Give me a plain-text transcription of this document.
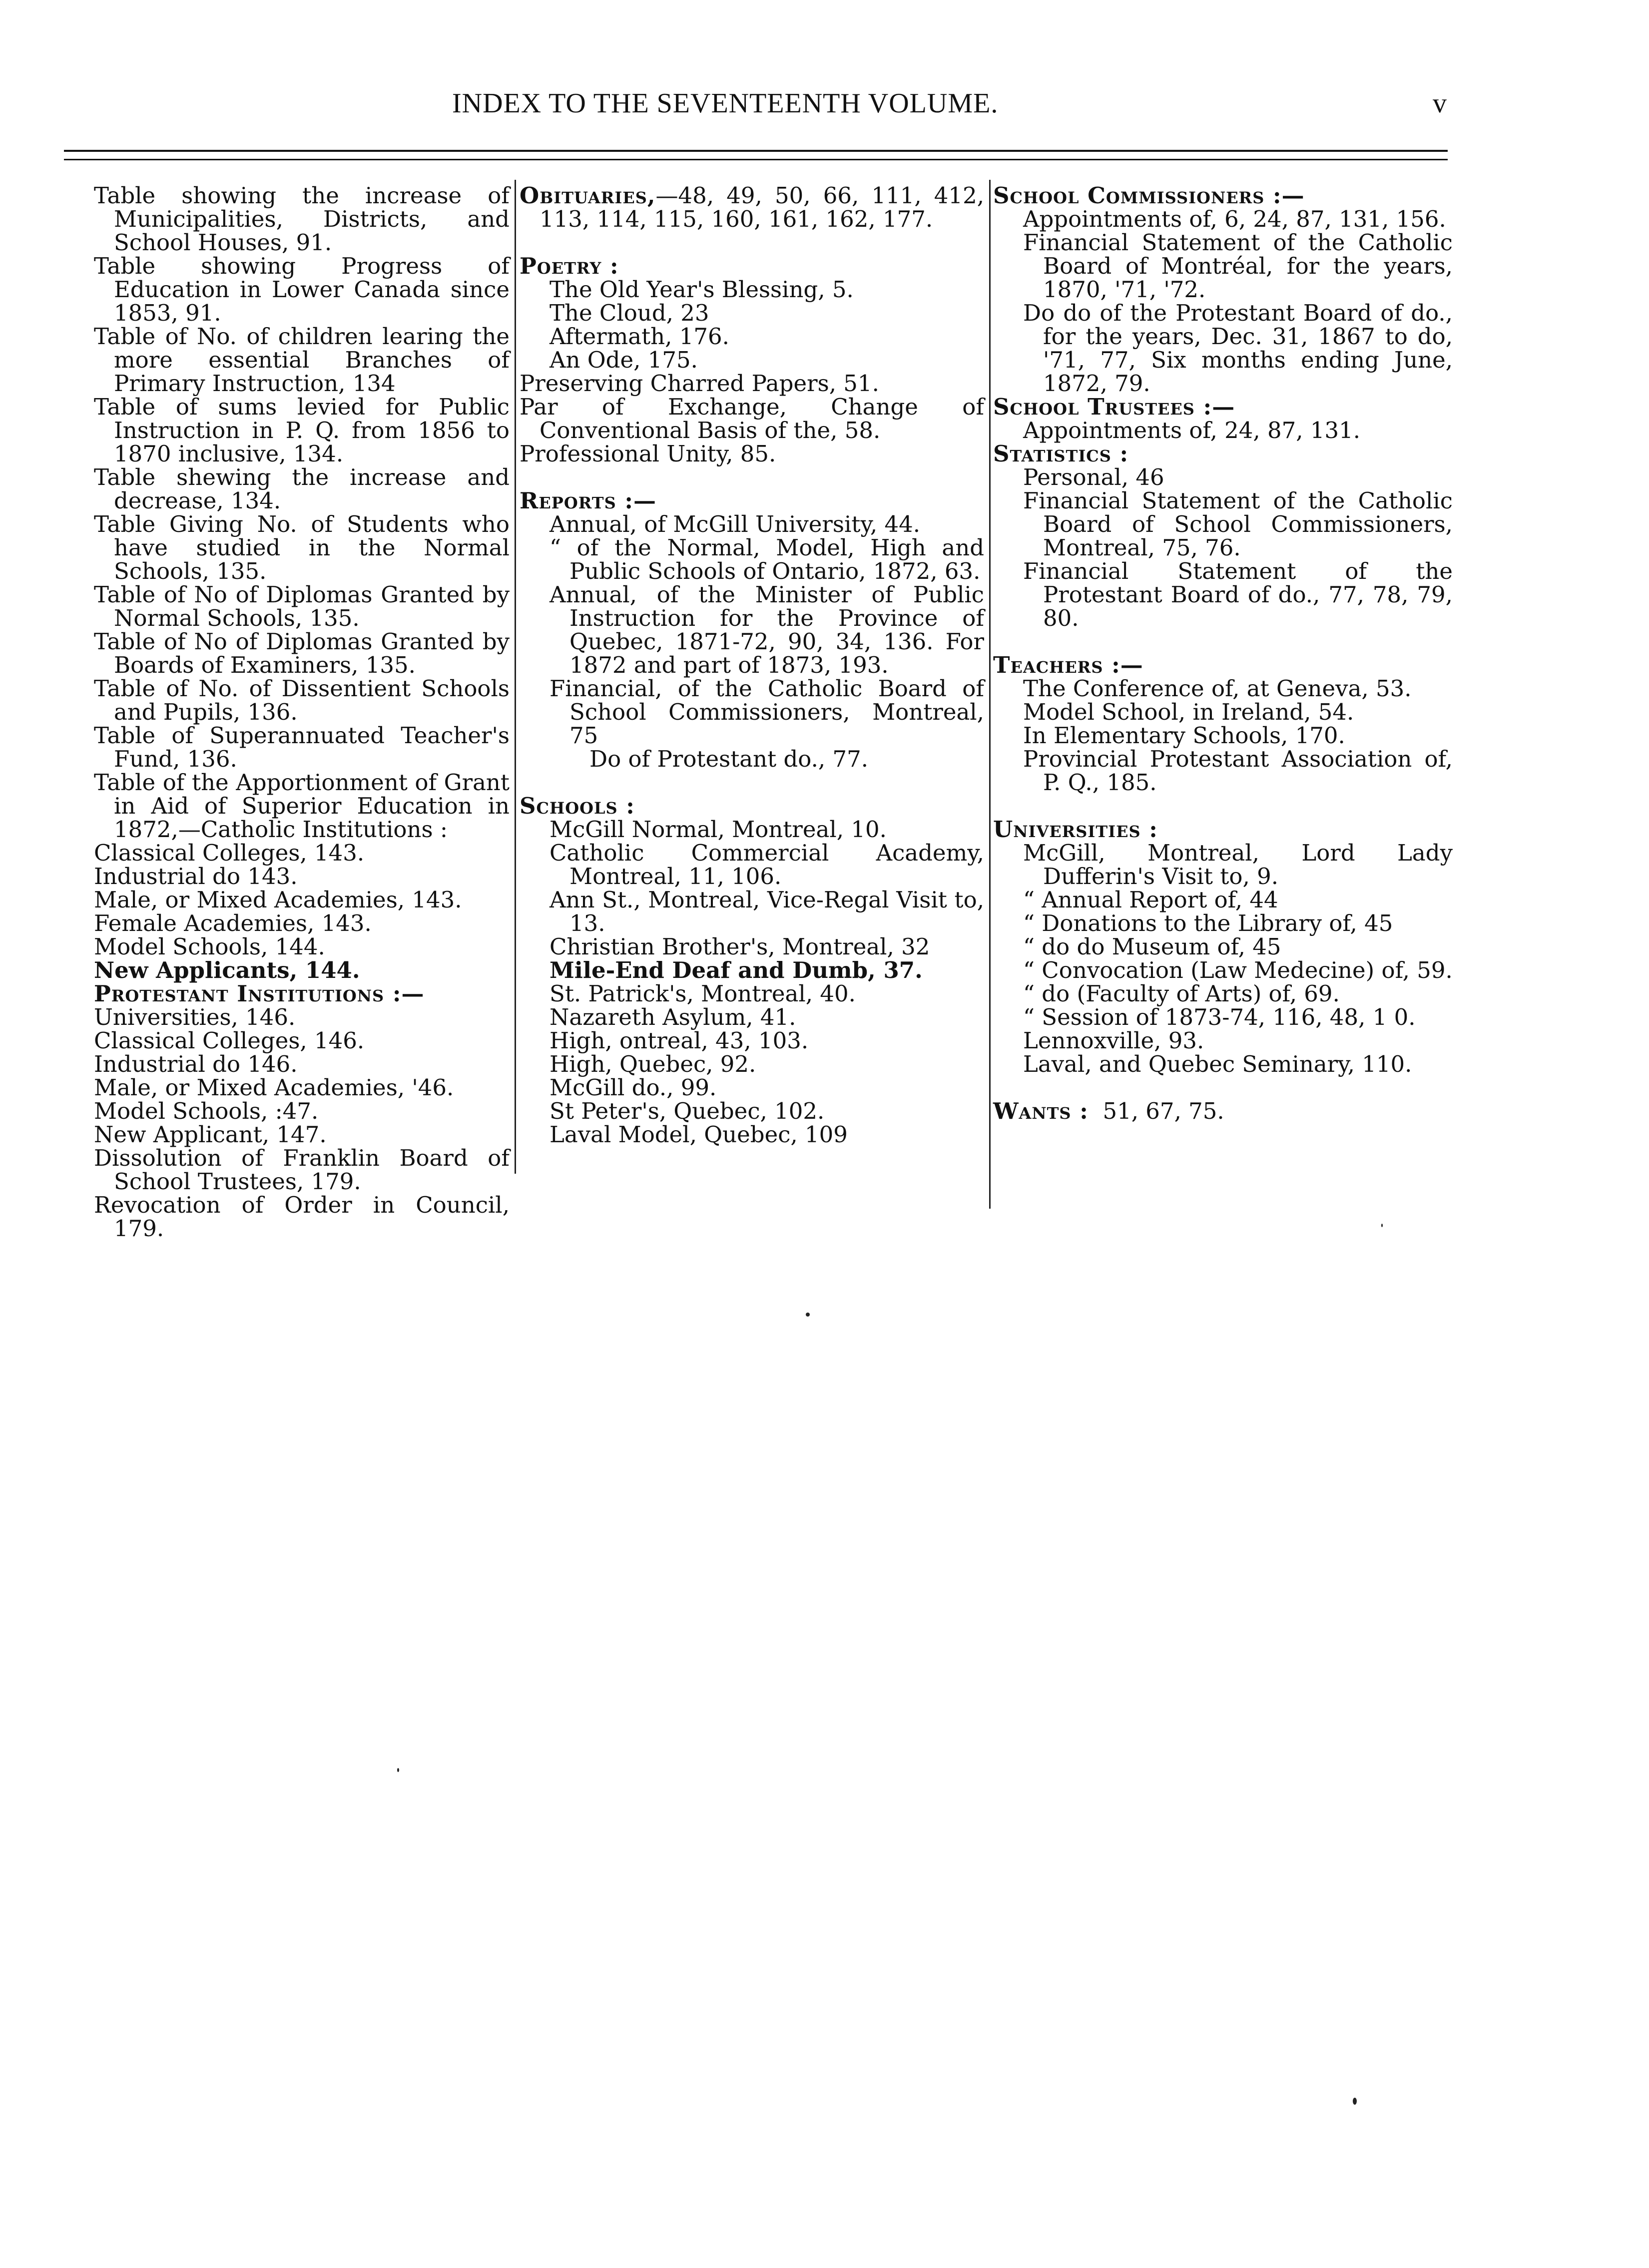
INDEX TO THE SEVENTEENTH VOLUME.	v

Table showing the increase of Municipalities, Districts, and School Houses, 91.

Table showing Progress of Education in Lower Canada since 1853, 91.

Table of No. of children learing the more essential Branches of Primary Instruction, 134

Table of sums levied for Public Instruction in P. Q. from 1856 to 1870 inclusive, 134.

Table shewing the increase and decrease, 134.

Table Giving No. of Students who have studied in the Normal Schools, 135.

Table of No of Diplomas Granted by Normal Schools, 135.

Table of No of Diplomas Granted by Boards of Examiners, 135.

Table of No. of Dissentient Schools and Pupils, 136.

Table of Superannuated Teacher's Fund, 136.

Table of the Apportionment of Grant in Aid of Superior Education in 1872,—Catholic Institutions :

Classical Colleges, 143.

Industrial do 143.

Male, or Mixed Academies, 143.

Female Academies, 143.

Model Schools, 144.

New Applicants, 144.

Protestant Institutions :—

Universities, 146.

Classical Colleges, 146.

Industrial do 146.

Male, or Mixed Academies, '46.

Model Schools, :47.

New Applicant, 147.

Dissolution of Franklin Board of School Trustees, 179.

Revocation of Order in Council, 179.

Obituaries,—48, 49, 50, 66, 111, 412, 113, 114, 115, 160, 161, 162, 177.

Poetry :

The Old Year's Blessing, 5.

The Cloud, 23

Aftermath, 176.

An Ode, 175.

Preserving Charred Papers, 51.

Par of Exchange, Change of Conventional Basis of the, 58.

Professional Unity, 85.

Reports :—

Annual, of McGill University, 44.

“ of the Normal, Model, High and Public Schools of Ontario, 1872, 63.

Annual, of the Minister of Public Instruction for the Province of Quebec, 1871-72, 90, 34, 136. For 1872 and part of 1873, 193.

Financial, of the Catholic Board of School Commissioners, Montreal, 75

Do of Protestant do., 77.

Schools :

McGill Normal, Montreal, 10.

Catholic Commercial Academy, Montreal, 11, 106.

Ann St., Montreal, Vice-Regal Visit to, 13.

Christian Brother's, Montreal, 32

Mile-End Deaf and Dumb, 37.

St. Patrick's, Montreal, 40.

Nazareth Asylum, 41.

High, ontreal, 43, 103.

High, Quebec, 92.

McGill do., 99.

St Peter's, Quebec, 102.

Laval Model, Quebec, 109

School Commissioners :—

Appointments of, 6, 24, 87, 131, 156.

Financial Statement of the Catholic Board of Montréal, for the years, 1870, '71, '72.

Do do of the Protestant Board of do., for the years, Dec. 31, 1867 to do, '71, 77, Six months ending June, 1872, 79.

School Trustees :—

Appointments of, 24, 87, 131.

Statistics :

Personal, 46

Financial Statement of the Catholic Board of School Commissioners, Montreal, 75, 76.

Financial Statement of the Protestant Board of do., 77, 78, 79, 80.

Teachers :—

The Conference of, at Geneva, 53.

Model School, in Ireland, 54.

In Elementary Schools, 170.

Provincial Protestant Association of, P. Q., 185.

Universities :

McGill, Montreal, Lord Lady Dufferin's Visit to, 9.

“ Annual Report of, 44

“ Donations to the Library of, 45

“ do do Museum of, 45

“ Convocation (Law Medecine) of, 59.

“ do (Faculty of Arts) of, 69.

“ Session of 1873-74, 116, 48, 1 0.

Lennoxville, 93.

Laval, and Quebec Seminary, 110.

Wants : 51, 67, 75.
